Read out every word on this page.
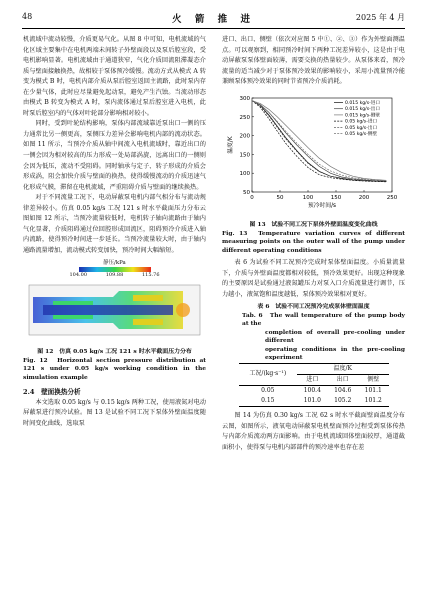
48	火 箭 推 进	2025 年 4 月

机流域中流动较慢，介质更易气化。从图 8 中可知，电机流域的气化区域主要集中在电机两端未间转子外壁面段以及泵后腔室段，受电机影响显著。电机流域由于通道狭窄，气化介质回流阻滞凝态介质与壁面接触换热，故相较于泵体预冷缓慢。流动方式从模式 A 转变为模式 B 时，电机内部介质从泵后腔室返回主流路，此时泵内存在少量气体，此时应尽量避免起动泵，避免产生汽蚀。当流动形态由模式 B 转变为模式 A 时，泵内流体通过泵后腔室进入电机，此时泵后腔室内的气体对叶轮部分影响相对较小。

同时，受到叶轮结构影响，泵体内部流域靠近泵出口一侧的压力通常比另一侧更高，泵侧压力差异会影响电机内部的流动状态。如图 11 所示，当预冷介质从轴中间流入电机流域时，靠近出口的一侧会因为相对较高的压力形成一处局部涡旋，远离出口的一侧则会因为低压，流动不受阻碍。同时轴承与定子、转子形成的介质会形成涡，阻会加快介质与壁面的换热，使得缓慢流动的介质迅速气化形成气膜，滞留在电机流域，严重阻碍介质与壁面的继续换热。

对于不同流量工况下，电动屏蔽泵电机内部气相分布与流动规律差异较小。仿真 0.05 kg/s 工况 121 s 时水平截面压力分布云图如图 12 所示，当预冷流量较低时，电机转子轴向流路由于轴内气化显著，介质阻碍通过位回腔形成回流区，阻碍预冷介质进入轴内流路，使得预冷时间进一步延长。当预冷流量较大时，由于轴内通路流量增加，流动模式转变加快，预冷时间大幅缩短。

静压/kPa
104.00	109.88	115.76
图 12　仿真 0.05 kg/s 工况 121 s 时水平截面压力分布
Fig. 12　Horizontal section pressure distribution at 121 s under 0.05 kg/s working condition in the simulation example
2.4　壁面换热分析

本文选取 0.05 kg/s 与 0.15 kg/s 两种工况，使用液氮对电动屏蔽泵进行预冷试验。图 13 是试验不同工况下泵体外壁面温度随时间变化曲线，选取泵

进口、出口、侧壁（依次对应图 5 中①、②、③）作为外壁面测温点。可以观察到，相同预冷时间下两种工况差异较小，这是由于电动屏蔽泵泵体壁面较薄，需要交换的热量较少。从泵体来看，预冷流量的适当减少对于泵体预冷效果的影响较小，采用小流量预冷能兼顾泵体预冷效果的同时节省预冷介质消耗。

0	50	100	150	200	250
50
100
150
200
250
300
预冷时间/s
温度/K
0.015 kg/s-进口
0.015 kg/s-出口
0.015 kg/s-侧壁
0.05 kg/s-进口
0.05 kg/s-出口
0.05 kg/s-侧壁
图 13　试验不同工况下泵体外壁面温度变化曲线
Fig. 13　Temperature variation curves of different measuring points on the outer wall of the pump under different operating conditions

表 6 为试验不同工况预冷完成时泵体壁面温度。小质量流量下，介质与外壁面温度都相对较低，预冷效果更好。出现这种现象的主要原因是试验通过液氮罐压力对泵入口介质流量进行调节，压力越小，液氮饱和温度越低，泵体预冷效果相对更好。

表 6　试验不同工况预冷完成泵体壁面温度
Tab. 6　The wall temperature of the pump body at the
completion of overall pre-cooling under different
operating conditions in the pre-cooling experiment
工况/(kg·s⁻¹)	温度/K		
	进口	出口	侧壁
0.05	100.4	104.6	101.1
0.15	101.0	105.2	101.2

图 14 为仿真 0.30 kg/s 工况 62 s 时水平截面壁面温度分布云图，如图所示，液氧电动屏蔽泵电机壁面预冷过程受到泵体传热与内部介质流动两方面影响。由于电机流域回体壁面较厚，通道截面积小，使得泵与电机内部部件的预冷速率也存在差
